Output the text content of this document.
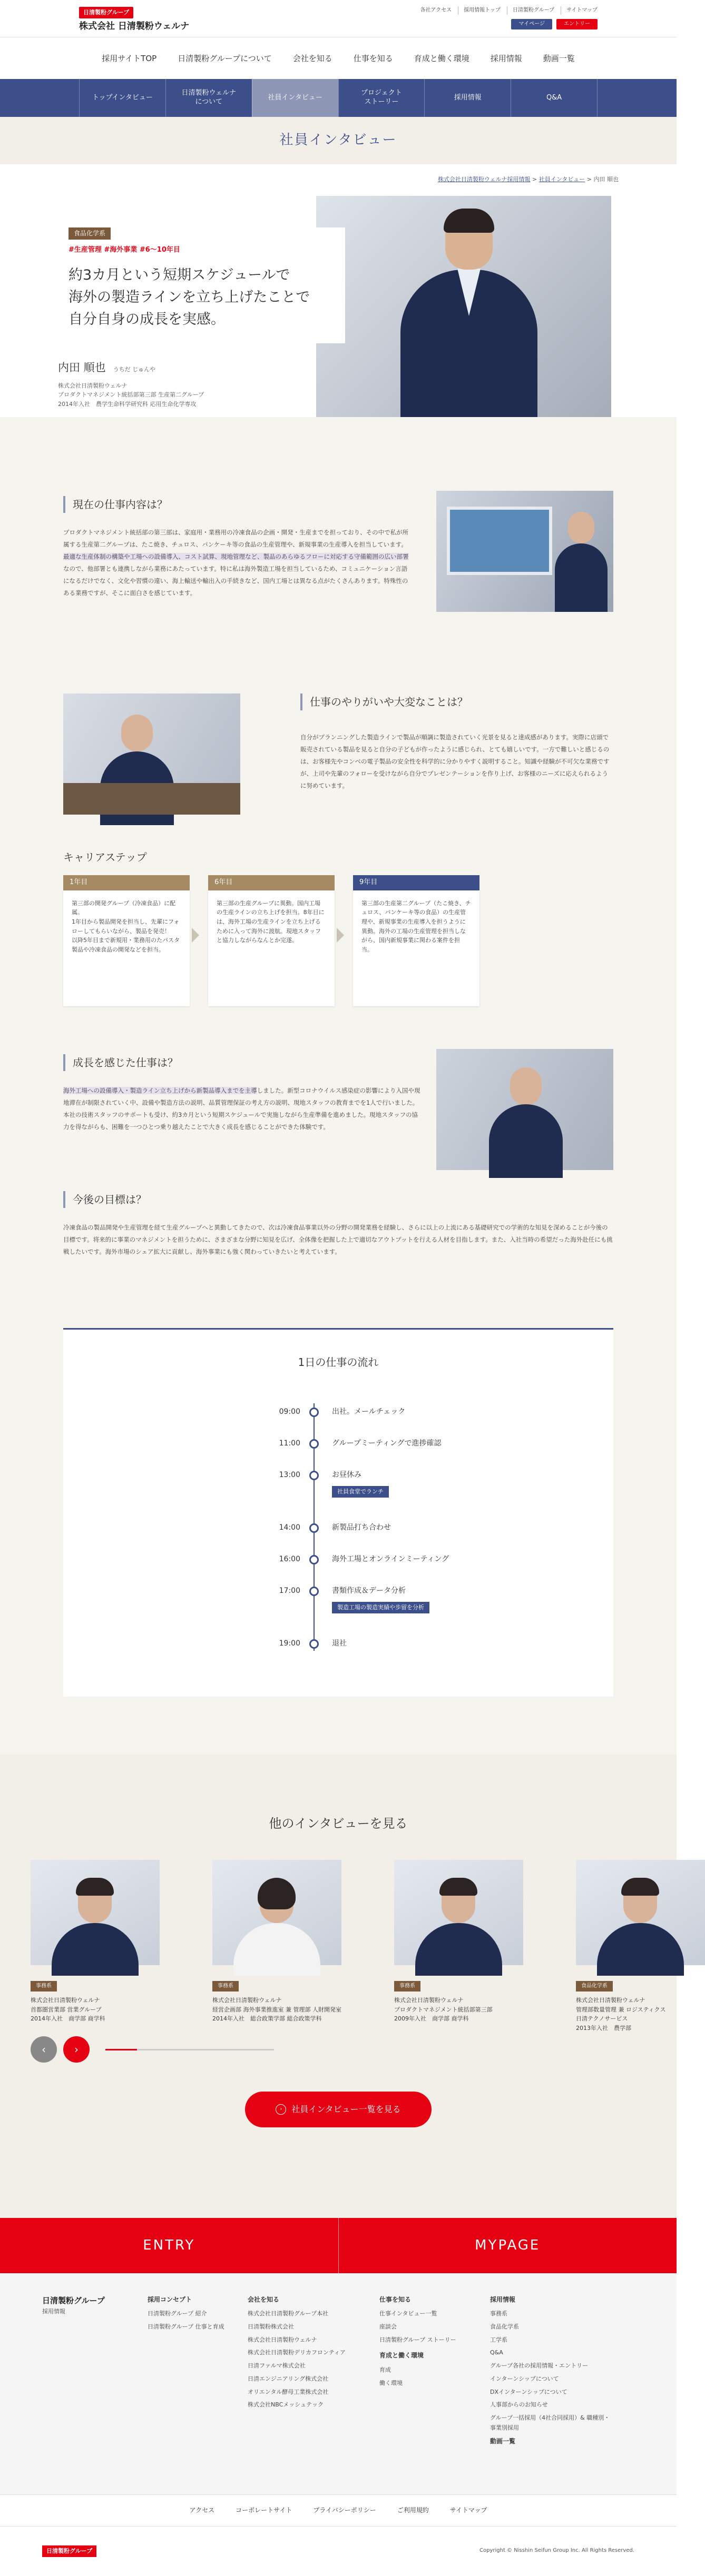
日清製粉グループ
株式会社 日清製粉ウェルナ
各社アクセス	採用情報トップ	日清製粉グループ	サイトマップ
マイページ	エントリー
採用サイトTOP	日清製粉グループについて	会社を知る	仕事を知る	育成と働く環境	採用情報	動画一覧
トップインタビュー
日清製粉ウェルナ
について
社員インタビュー
プロジェクト
ストーリー
採用情報	Q&A
社員インタビュー
株式会社日清製粉ウェルナ採用情報 > 社員インタビュー > 内田 順也
食品化学系
#生産管理 #海外事業 #6〜10年目
約3カ月という短期スケジュールで
海外の製造ラインを立ち上げたことで
自分自身の成長を実感。
内田 順也 うちだ じゅんや
株式会社日清製粉ウェルナ
プロダクトマネジメント統括部第三部 生産第二グループ
2014年入社　農学生命科学研究科 応用生命化学専攻
現在の仕事内容は？

プロダクトマネジメント統括部の第三部は、家庭用・業務用の冷凍食品の企画・開発・生産までを担っており、その中で私が所属する生産第二グループは、たこ焼き、チュロス、パンケーキ等の食品の生産管理や、新規事業の生産導入を担当しています。最適な生産体制の構築や工場への設備導入、コスト試算、現地管理など、製品のあらゆるフローに対応する守備範囲の広い部署なので、他部署とも連携しながら業務にあたっています。特に私は海外製造工場を担当しているため、コミュニケーション言語になるだけでなく、文化や習慣の違い、海上輸送や輸出入の手続きなど、国内工場とは異なる点がたくさんあります。特殊性のある業務ですが、そこに面白さを感じています。

仕事のやりがいや大変なことは？

自分がプランニングした製造ラインで製品が順調に製造されていく光景を見ると達成感があります。実際に店頭で販売されている製品を見ると自分の子どもが作ったように感じられ、とても嬉しいです。一方で難しいと感じるのは、お客様先やコンベの電子製品の安全性を科学的に分かりやすく説明すること。知識や経験が不可欠な業務ですが、上司や先輩のフォローを受けながら自分でプレゼンテーションを作り上げ、お客様のニーズに応えられるように努めています。

キャリアステップ
1年目
第三部の開発グループ（冷凍食品）に配属。
1年目から製品開発を担当し、先輩にフォローしてもらいながら、製品を発売！
以降5年目まで新規用・業務用のたパスタ製品や冷凍食品の開発などを担当。
6年目
第三部の生産グループに異動。国内工場の生産ラインの立ち上げを担当。8年目には、海外工場の生産ラインを立ち上げるために入って海外に渡航。現地スタッフと協力しながらなんとか完遂。
9年目
第三部の生産第二グループ（たこ焼き、チュロス、パンケーキ等の食品）の生産管理や、新規事業の生産導入を担うように異動。海外の工場の生産管理を担当しながら、国内新規事業に関わる案件を担当。
成長を感じた仕事は？

海外工場への設備導入・製造ライン立ち上げから新製品導入までを主導しました。新型コロナウイルス感染症の影響により入国や現地滞在が制限されていく中、設備や製造方法の説明、品質管理保証の考え方の説明、現地スタッフの教育までを1人で行いました。本社の技術スタッフのサポートも受け、約3カ月という短期スケジュールで実施しながら生産準備を進めました。現地スタッフの協力を得ながらも、困難を一つひとつ乗り越えたことで大きく成長を感じることができた体験です。

今後の目標は？

冷凍食品の製品開発や生産管理を経て生産グループへと異動してきたので、次は冷凍食品事業以外の分野の開発業務を経験し、さらに以上の上流にある基礎研究での学術的な知見を深めることが今後の目標です。将来的に事業のマネジメントを担うために、さまざまな分野に知見を広げ、全体像を把握した上で適切なアウトプットを行える人材を目指します。また、入社当時の希望だった海外赴任にも挑戦したいです。海外市場のシェア拡大に貢献し、海外事業にも強く関わっていきたいと考えています。

1日の仕事の流れ
09:00	出社。メールチェック
11:00	グループミーティングで進捗確認
13:00	お昼休み
社員食堂でランチ
14:00	新製品打ち合わせ
16:00	海外工場とオンラインミーティング
17:00	書類作成＆データ分析
製造工場の製造実績や歩留を分析
19:00	退社
他のインタビューを見る
事務系
株式会社日清製粉ウェルナ
首都圏営業部 営業グループ
2014年入社　商学部 商学科
事務系
株式会社日清製粉ウェルナ
経営企画部 海外事業推進室 兼 管理部 人財開発室
2014年入社　総合政策学部 総合政策学科
事務系
株式会社日清製粉ウェルナ
プロダクトマネジメント統括部第三部
2009年入社　商学部 商学科
食品化学系
株式会社日清製粉ウェルナ
管理部数量管理 兼 ロジスティクス
日清テクノサービス
2013年入社　農学部
‹	›
›	社員インタビュー一覧を見る
ENTRY	MYPAGE
日清製粉グループ
採用情報
採用コンセプト
日清製粉グループ 紹介
日清製粉グループ 仕事と育成
会社を知る
株式会社日清製粉グループ本社
日清製粉株式会社
株式会社日清製粉ウェルナ
株式会社日清製粉デリカフロンティア
日清ファルマ株式会社
日清エンジニアリング株式会社
オリエンタル酵母工業株式会社
株式会社NBCメッシュテック
仕事を知る
仕事インタビュー一覧
座談会
日清製粉グループ ストーリー
育成と働く環境
育成
働く環境
採用情報
事務系
食品化学系
工学系
Q&A
グループ各社の採用情報・エントリー
インターンシップについて
DXインターンシップについて
人事部からのお知らせ
グループ一括採用（4社合同採用）& 職種別・事業別採用
動画一覧
アクセス	コーポレートサイト	プライバシーポリシー	ご利用規約	サイトマップ
日清製粉グループ	Copyright © Nisshin Seifun Group Inc. All Rights Reserved.
